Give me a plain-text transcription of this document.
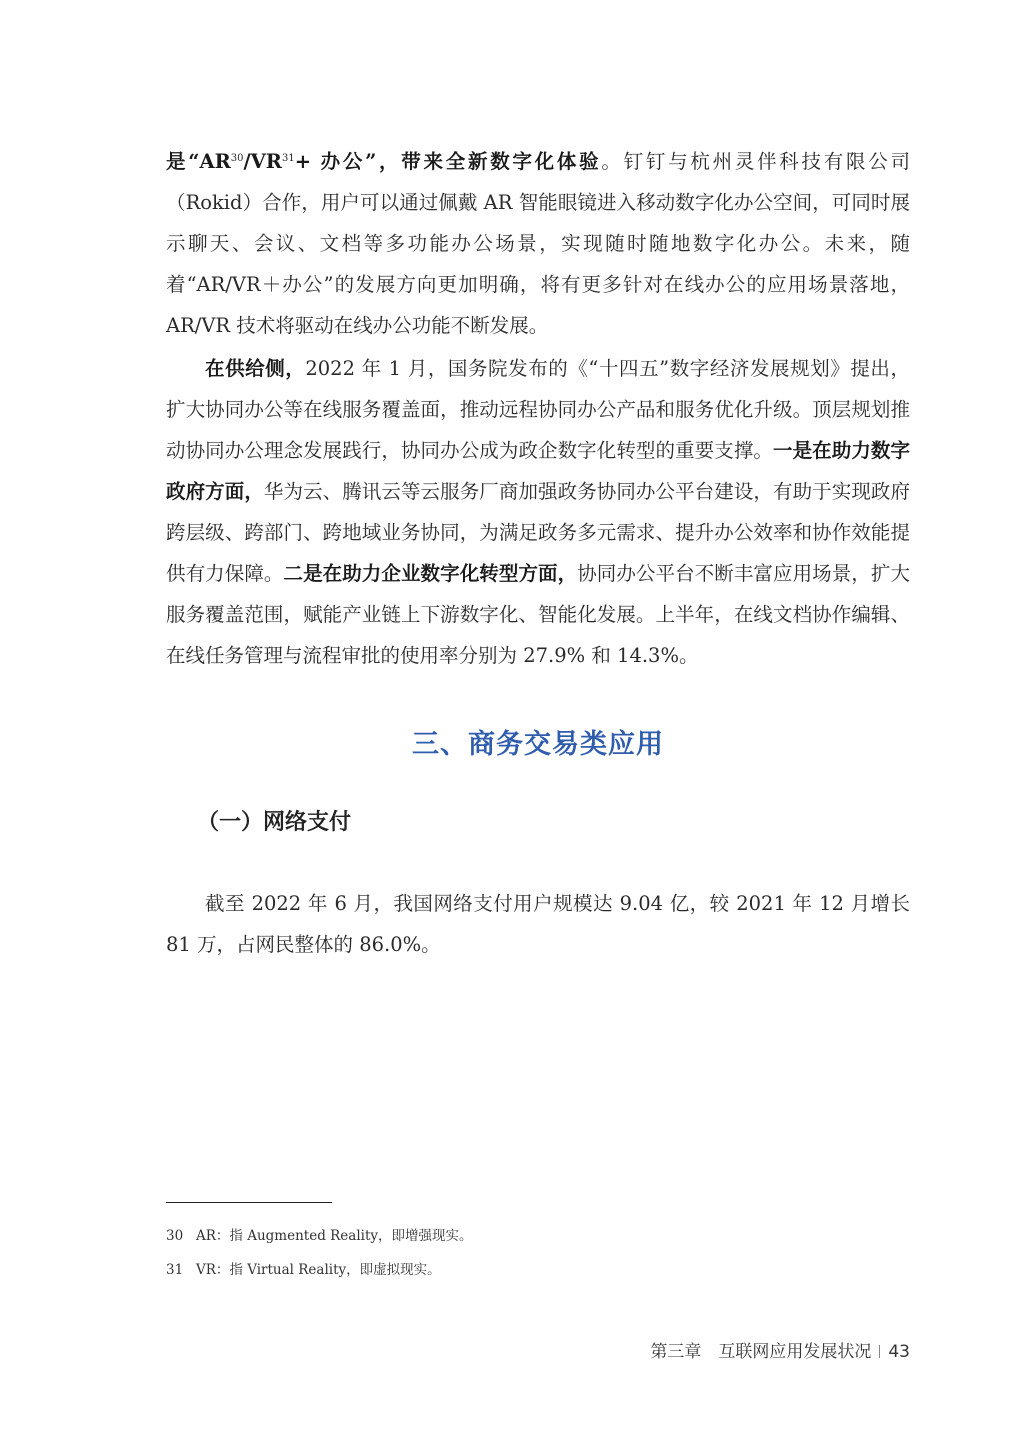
是“$AR^{30}/VR^{31}+$ 办公”，带来全新数字化体验。钉钉与杭州灵伴科技有限公司（Rokid）合作，用户可以通过佩戴 AR 智能眼镜进入移动数字化办公空间，可同时展示聊天、会议、文档等多功能办公场景，实现随时随地数字化办公。未来，随着“AR/VR＋办公”的发展方向更加明确，将有更多针对在线办公的应用场景落地，AR/VR 技术将驱动在线办公功能不断发展。

在供给侧，2022 年 1 月，国务院发布的《“十四五”数字经济发展规划》提出，扩大协同办公等在线服务覆盖面，推动远程协同办公产品和服务优化升级。顶层规划推动协同办公理念发展践行，协同办公成为政企数字化转型的重要支撑。一是在助力数字政府方面，华为云、腾讯云等云服务厂商加强政务协同办公平台建设，有助于实现政府跨层级、跨部门、跨地域业务协同，为满足政务多元需求、提升办公效率和协作效能提供有力保障。二是在助力企业数字化转型方面，协同办公平台不断丰富应用场景，扩大服务覆盖范围，赋能产业链上下游数字化、智能化发展。上半年，在线文档协作编辑、在线任务管理与流程审批的使用率分别为 27.9% 和 14.3%。

三、商务交易类应用
（一）网络支付

截至 2022 年 6 月，我国网络支付用户规模达 9.04 亿，较 2021 年 12 月增长 81 万，占网民整体的 86.0%。

30 AR：指 Augmented Reality，即增强现实。

31 VR：指 Virtual Reality，即虚拟现实。

第三章　互联网应用发展状况 43
